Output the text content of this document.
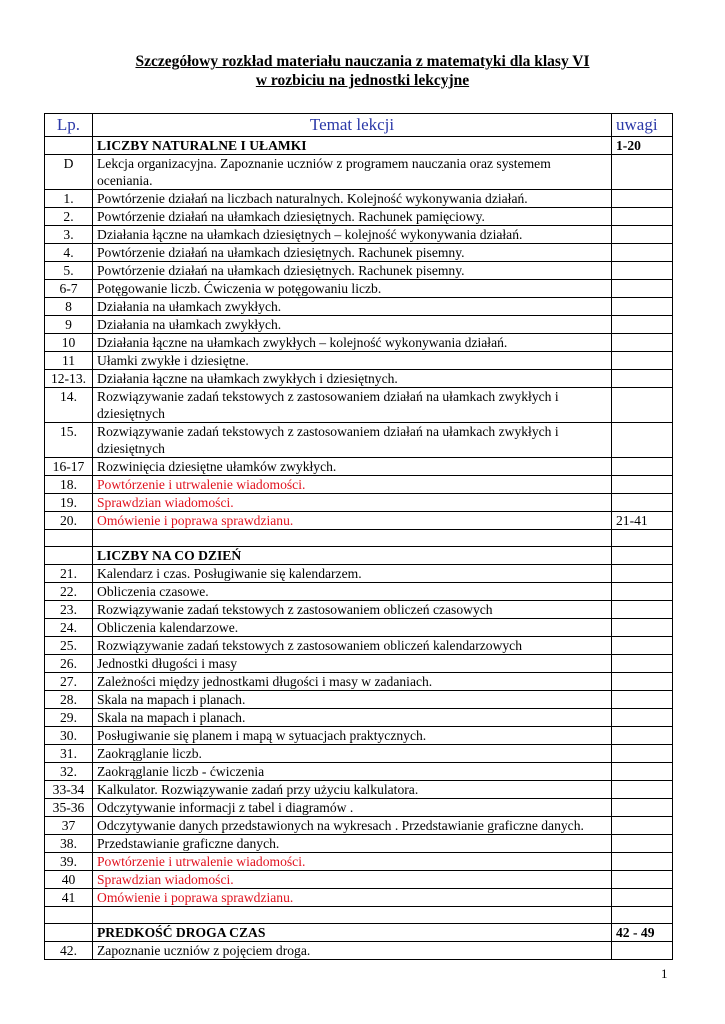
Szczegółowy rozkład materiału nauczania z matematyki dla klasy VI
w rozbiciu na jednostki lekcyjne
Lp.	Temat lekcji	uwagi
	LICZBY NATURALNE I UŁAMKI	1-20
D	Lekcja organizacyjna. Zapoznanie uczniów z programem nauczania oraz systemem oceniania.	
1.	Powtórzenie działań na liczbach naturalnych. Kolejność wykonywania działań.	
2.	Powtórzenie działań na ułamkach dziesiętnych. Rachunek pamięciowy.	
3.	Działania łączne na ułamkach dziesiętnych – kolejność wykonywania działań.	
4.	Powtórzenie działań na ułamkach dziesiętnych. Rachunek pisemny.	
5.	Powtórzenie działań na ułamkach dziesiętnych. Rachunek pisemny.	
6-7	Potęgowanie liczb. Ćwiczenia w potęgowaniu liczb.	
8	Działania na ułamkach zwykłych.	
9	Działania na ułamkach zwykłych.	
10	Działania łączne na ułamkach zwykłych – kolejność wykonywania działań.	
11	Ułamki zwykłe i dziesiętne.	
12-13.	Działania łączne na ułamkach zwykłych i dziesiętnych.	
14.	Rozwiązywanie zadań tekstowych z zastosowaniem działań na ułamkach zwykłych i dziesiętnych	
15.	Rozwiązywanie zadań tekstowych z zastosowaniem działań na ułamkach zwykłych i dziesiętnych	
16-17	Rozwinięcia dziesiętne ułamków zwykłych.	
18.	Powtórzenie i utrwalenie wiadomości.	
19.	Sprawdzian wiadomości.	
20.	Omówienie i poprawa sprawdzianu.	21-41

	LICZBY NA CO DZIEŃ	
21.	Kalendarz i czas. Posługiwanie się kalendarzem.	
22.	Obliczenia czasowe.	
23.	Rozwiązywanie zadań tekstowych z zastosowaniem obliczeń czasowych	
24.	Obliczenia kalendarzowe.	
25.	Rozwiązywanie zadań tekstowych z zastosowaniem obliczeń kalendarzowych	
26.	Jednostki długości i masy	
27.	Zależności między jednostkami długości i masy w zadaniach.	
28.	Skala na mapach i planach.	
29.	Skala na mapach i planach.	
30.	Posługiwanie się planem i mapą w sytuacjach praktycznych.	
31.	Zaokrąglanie liczb.	
32.	Zaokrąglanie liczb - ćwiczenia	
33-34	Kalkulator. Rozwiązywanie zadań przy użyciu kalkulatora.	
35-36	Odczytywanie informacji z tabel i diagramów .	
37	Odczytywanie danych przedstawionych na wykresach . Przedstawianie graficzne danych.	
38.	Przedstawianie graficzne danych.	
39.	Powtórzenie i utrwalenie wiadomości.	
40	Sprawdzian wiadomości.	
41	Omówienie i poprawa sprawdzianu.	

	PREDKOŚĆ DROGA CZAS	42 - 49
42.	Zapoznanie uczniów z pojęciem droga.	
1
